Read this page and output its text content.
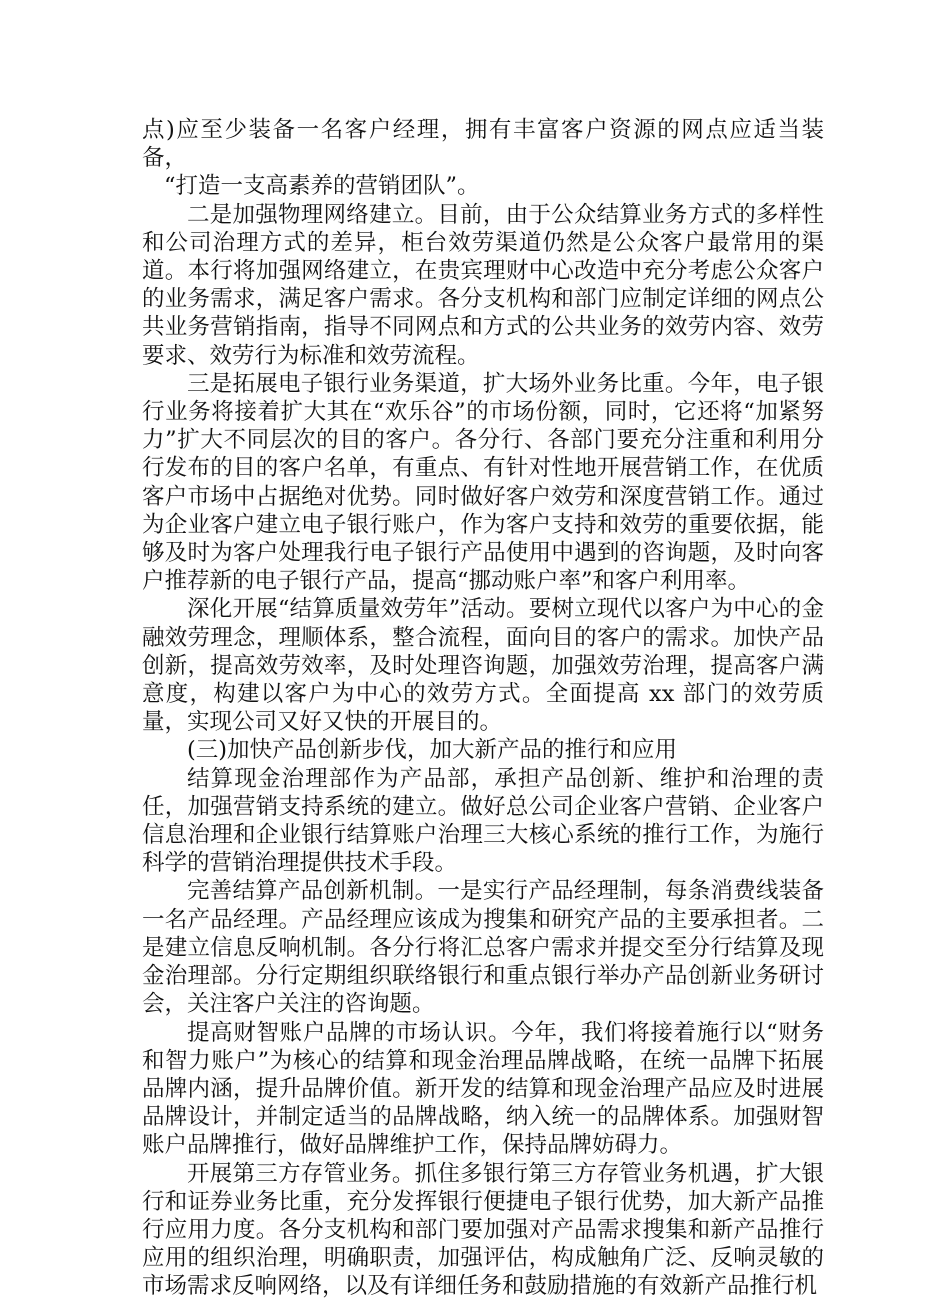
点)应至少装备一名客户经理，拥有丰富客户资源的网点应适当装备，

“打造一支高素养的营销团队”。

二是加强物理网络建立。目前，由于公众结算业务方式的多样性和公司治理方式的差异，柜台效劳渠道仍然是公众客户最常用的渠道。本行将加强网络建立，在贵宾理财中心改造中充分考虑公众客户的业务需求，满足客户需求。各分支机构和部门应制定详细的网点公共业务营销指南，指导不同网点和方式的公共业务的效劳内容、效劳要求、效劳行为标准和效劳流程。

三是拓展电子银行业务渠道，扩大场外业务比重。今年，电子银行业务将接着扩大其在“欢乐谷”的市场份额，同时，它还将“加紧努力”扩大不同层次的目的客户。各分行、各部门要充分注重和利用分行发布的目的客户名单，有重点、有针对性地开展营销工作，在优质客户市场中占据绝对优势。同时做好客户效劳和深度营销工作。通过为企业客户建立电子银行账户，作为客户支持和效劳的重要依据，能够及时为客户处理我行电子银行产品使用中遇到的咨询题，及时向客户推荐新的电子银行产品，提高“挪动账户率”和客户利用率。

深化开展“结算质量效劳年”活动。要树立现代以客户为中心的金融效劳理念，理顺体系，整合流程，面向目的客户的需求。加快产品创新，提高效劳效率，及时处理咨询题，加强效劳治理，提高客户满意度，构建以客户为中心的效劳方式。全面提高 xx 部门的效劳质量，实现公司又好又快的开展目的。

(三)加快产品创新步伐，加大新产品的推行和应用

结算现金治理部作为产品部，承担产品创新、维护和治理的责任，加强营销支持系统的建立。做好总公司企业客户营销、企业客户信息治理和企业银行结算账户治理三大核心系统的推行工作，为施行科学的营销治理提供技术手段。

完善结算产品创新机制。一是实行产品经理制，每条消费线装备一名产品经理。产品经理应该成为搜集和研究产品的主要承担者。二是建立信息反响机制。各分行将汇总客户需求并提交至分行结算及现金治理部。分行定期组织联络银行和重点银行举办产品创新业务研讨会，关注客户关注的咨询题。

提高财智账户品牌的市场认识。今年，我们将接着施行以“财务和智力账户”为核心的结算和现金治理品牌战略，在统一品牌下拓展品牌内涵，提升品牌价值。新开发的结算和现金治理产品应及时进展品牌设计，并制定适当的品牌战略，纳入统一的品牌体系。加强财智账户品牌推行，做好品牌维护工作，保持品牌妨碍力。

开展第三方存管业务。抓住多银行第三方存管业务机遇，扩大银行和证券业务比重，充分发挥银行便捷电子银行优势，加大新产品推行应用力度。各分支机构和部门要加强对产品需求搜集和新产品推行应用的组织治理，明确职责，加强评估，构成触角广泛、反响灵敏的市场需求反响网络，以及有详细任务和鼓励措施的有效新产品推行机
